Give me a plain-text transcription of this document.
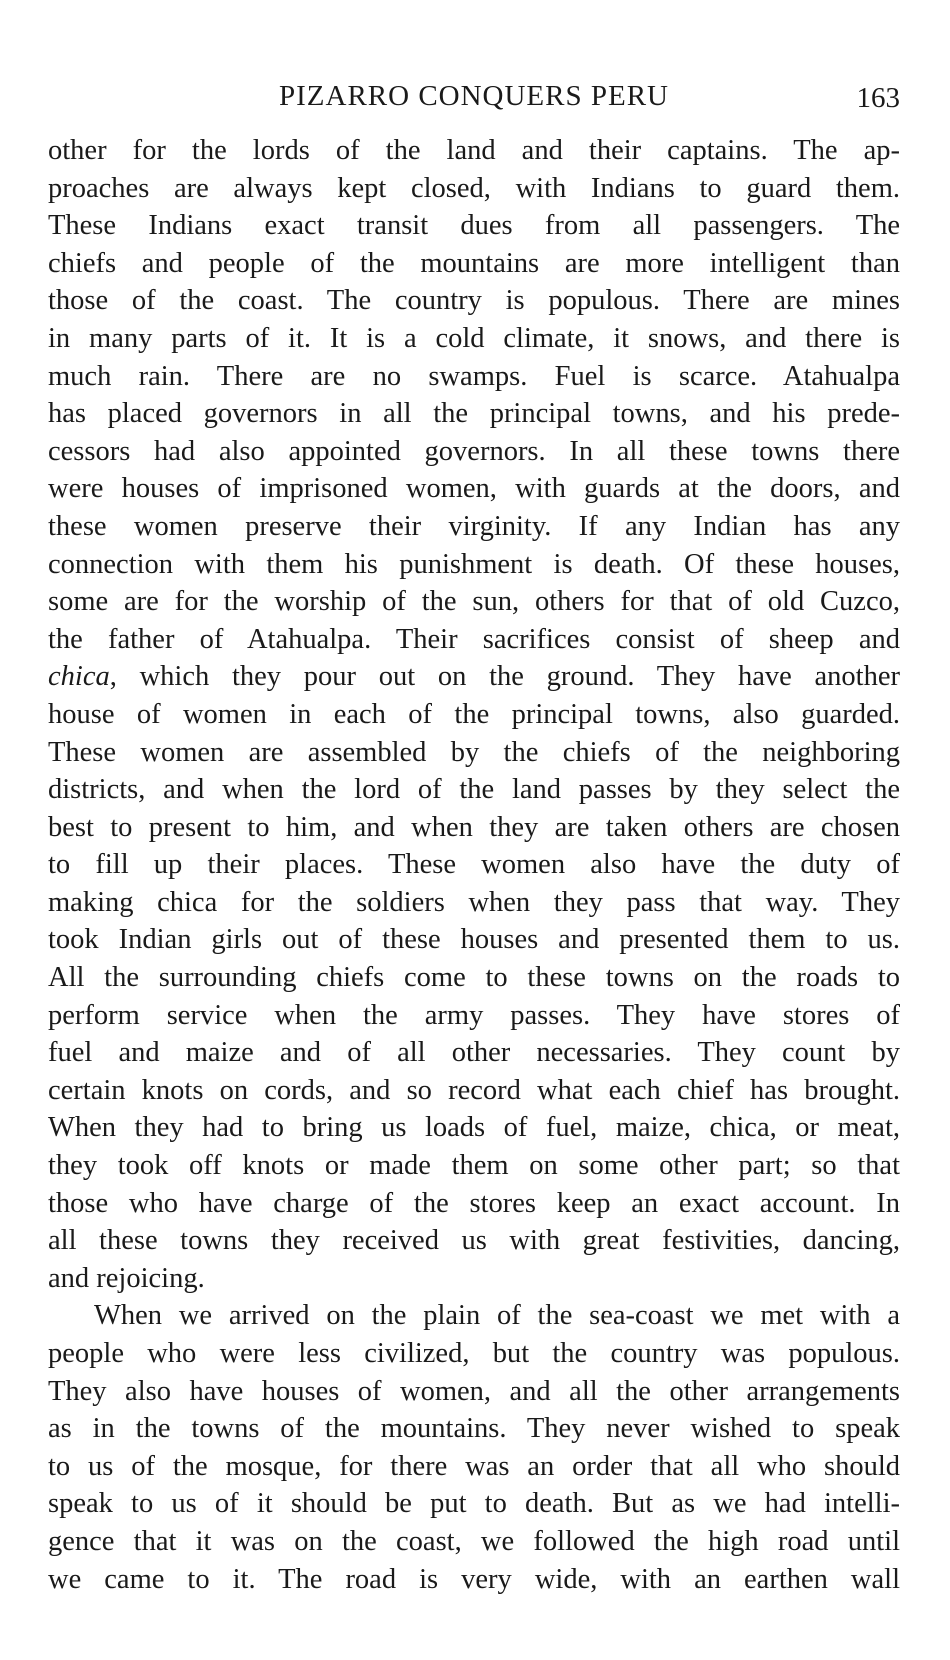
PIZARRO CONQUERS PERU	163
other for the lords of the land and their captains. The ap-
proaches are always kept closed, with Indians to guard them.
These Indians exact transit dues from all passengers. The
chiefs and people of the mountains are more intelligent than
those of the coast. The country is populous. There are mines
in many parts of it. It is a cold climate, it snows, and there is
much rain. There are no swamps. Fuel is scarce. Atahualpa
has placed governors in all the principal towns, and his prede-
cessors had also appointed governors. In all these towns there
were houses of imprisoned women, with guards at the doors, and
these women preserve their virginity. If any Indian has any
connection with them his punishment is death. Of these houses,
some are for the worship of the sun, others for that of old Cuzco,
the father of Atahualpa. Their sacrifices consist of sheep and
chica, which they pour out on the ground. They have another
house of women in each of the principal towns, also guarded.
These women are assembled by the chiefs of the neighboring
districts, and when the lord of the land passes by they select the
best to present to him, and when they are taken others are chosen
to fill up their places. These women also have the duty of
making chica for the soldiers when they pass that way. They
took Indian girls out of these houses and presented them to us.
All the surrounding chiefs come to these towns on the roads to
perform service when the army passes. They have stores of
fuel and maize and of all other necessaries. They count by
certain knots on cords, and so record what each chief has brought.
When they had to bring us loads of fuel, maize, chica, or meat,
they took off knots or made them on some other part; so that
those who have charge of the stores keep an exact account. In
all these towns they received us with great festivities, dancing,
and rejoicing.
When we arrived on the plain of the sea-coast we met with a
people who were less civilized, but the country was populous.
They also have houses of women, and all the other arrangements
as in the towns of the mountains. They never wished to speak
to us of the mosque, for there was an order that all who should
speak to us of it should be put to death. But as we had intelli-
gence that it was on the coast, we followed the high road until
we came to it. The road is very wide, with an earthen wall
